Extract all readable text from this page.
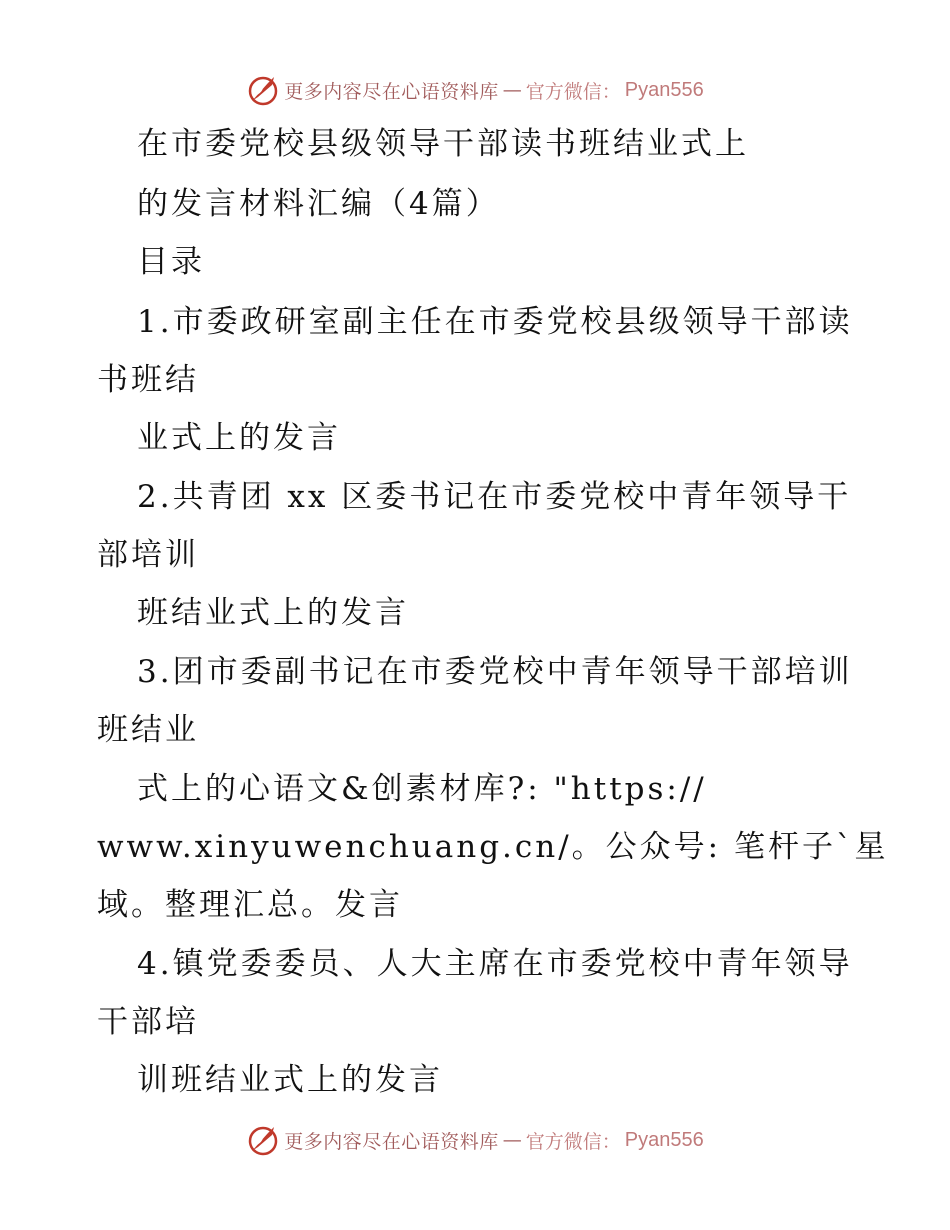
更多内容尽在心语资料库 — 官方微信： Pyan556
在市委党校县级领导干部读书班结业式上
的发言材料汇编（4篇）
目录
1.市委政研室副主任在市委党校县级领导干部读
书班结
业式上的发言
2.共青团 xx 区委书记在市委党校中青年领导干
部培训
班结业式上的发言
3.团市委副书记在市委党校中青年领导干部培训
班结业
式上的心语文&创素材库?: "https://
www.xinyuwenchuang.cn/。公众号: 笔杆子`星
域。整理汇总。发言
4.镇党委委员、人大主席在市委党校中青年领导
干部培
训班结业式上的发言
更多内容尽在心语资料库 — 官方微信： Pyan556
